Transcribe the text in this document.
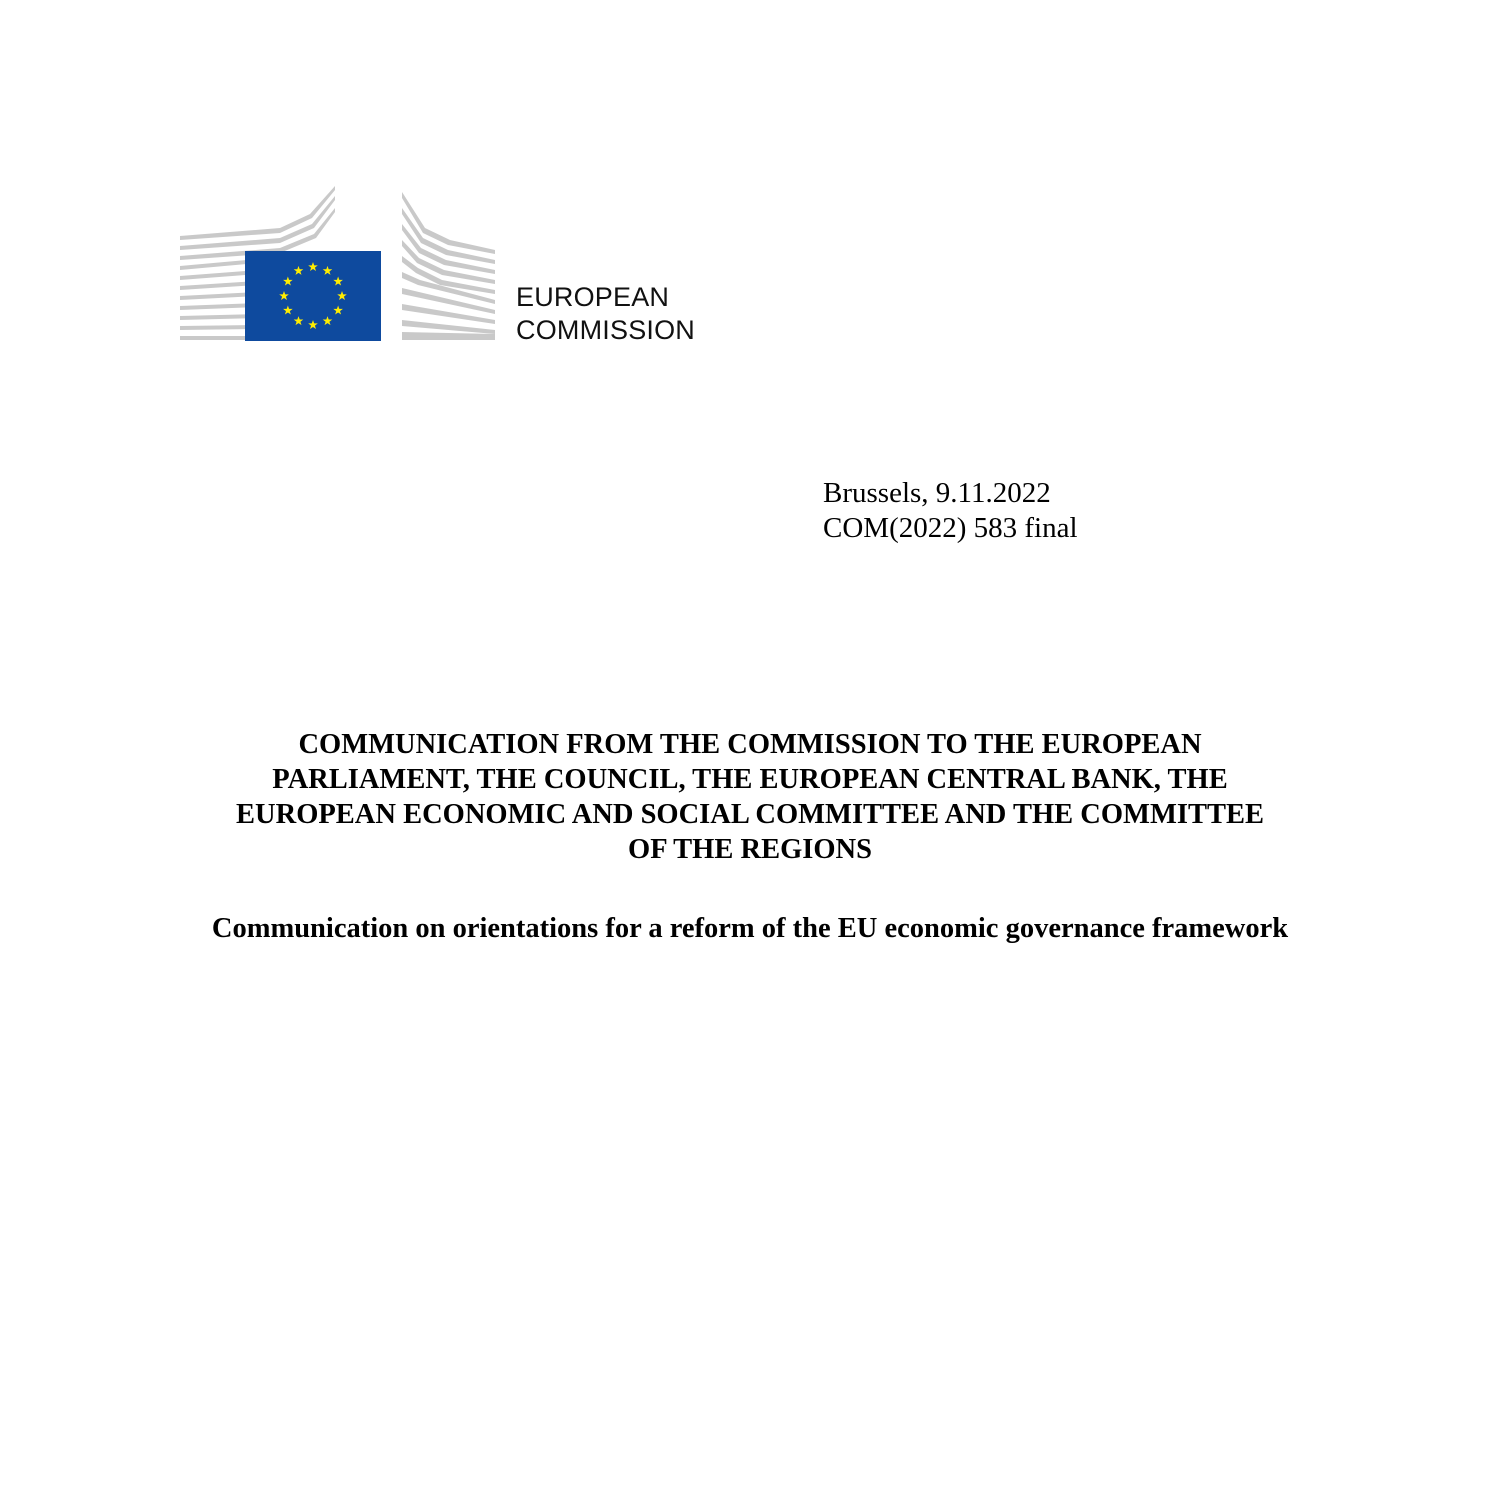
EUROPEAN
COMMISSION
Brussels, 9.11.2022
COM(2022) 583 final
COMMUNICATION FROM THE COMMISSION TO THE EUROPEAN
PARLIAMENT, THE COUNCIL, THE EUROPEAN CENTRAL BANK, THE
EUROPEAN ECONOMIC AND SOCIAL COMMITTEE AND THE COMMITTEE
OF THE REGIONS
Communication on orientations for a reform of the EU economic governance framework
